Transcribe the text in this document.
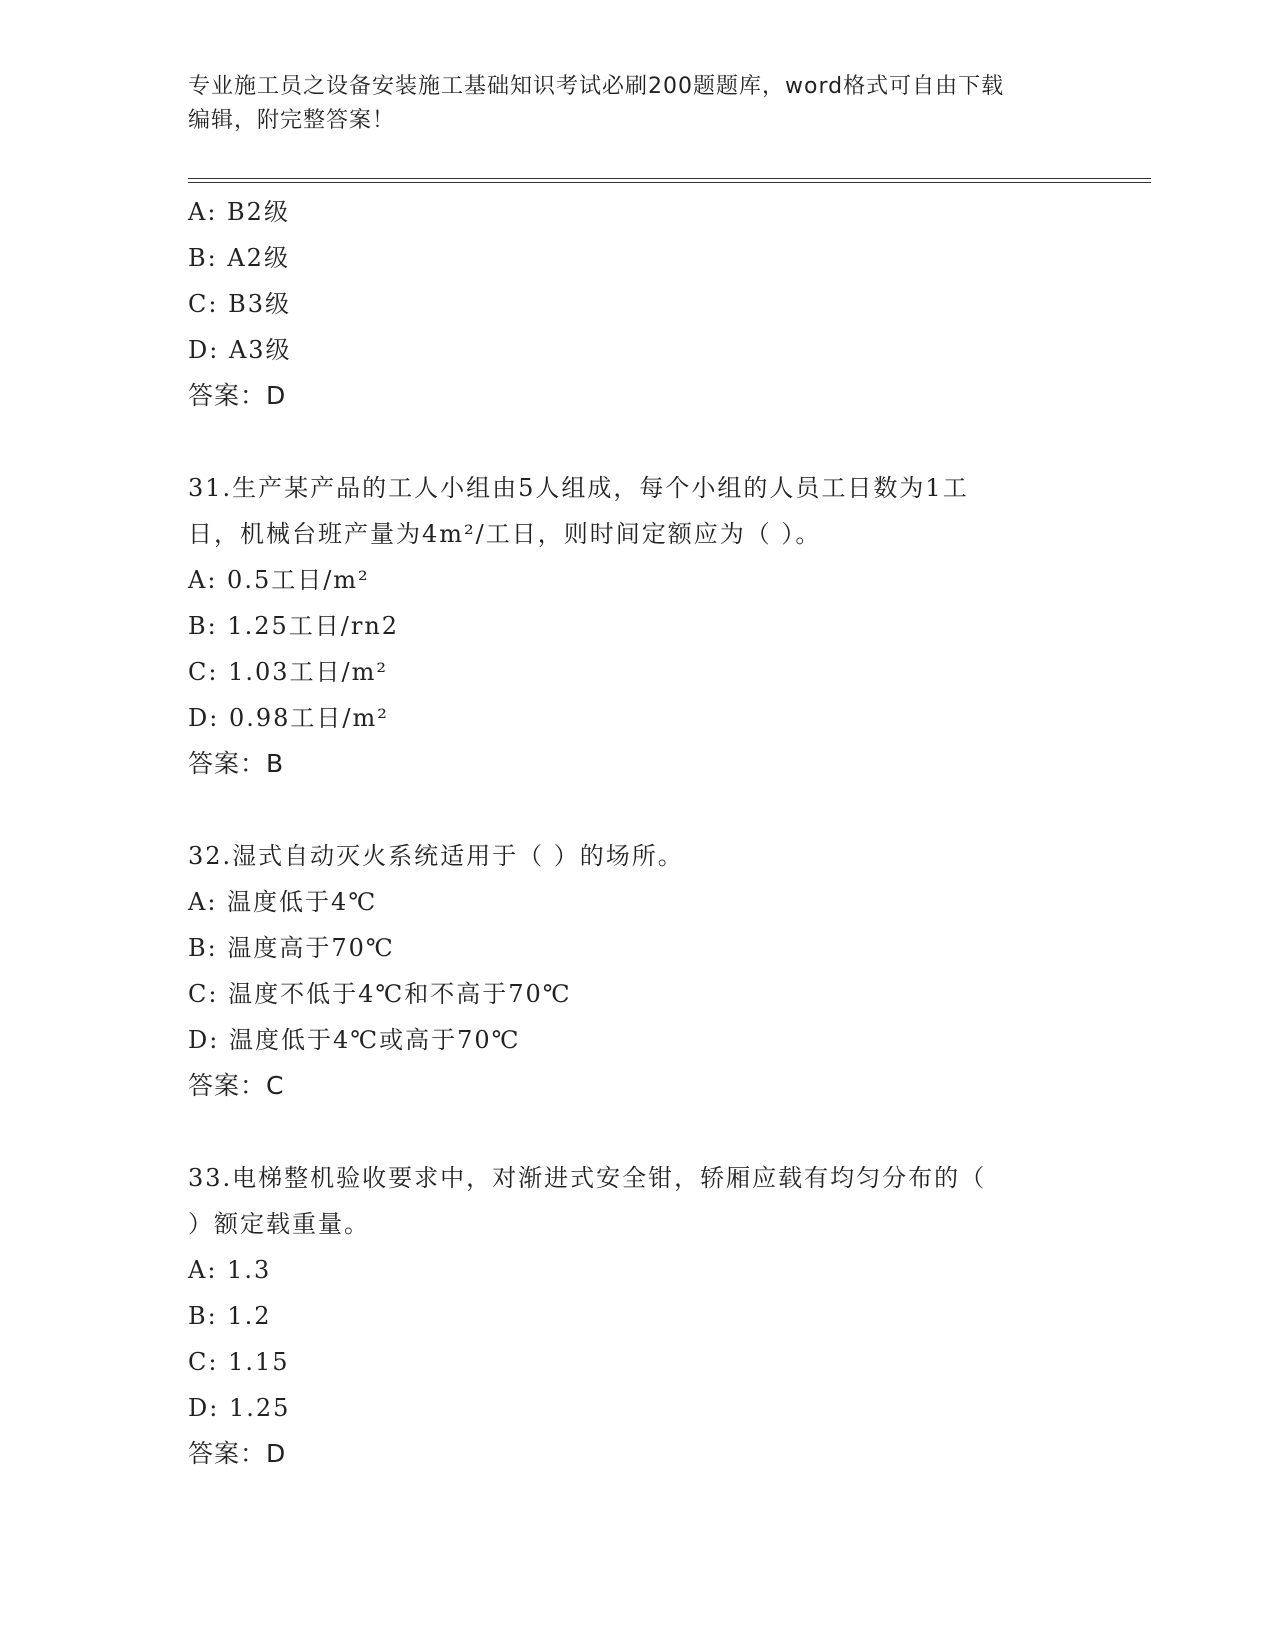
专业施工员之设备安装施工基础知识考试必刷200题题库，word格式可自由下载
编辑，附完整答案！
A: B2级
B: A2级
C: B3级
D: A3级
答案：D
31.生产某产品的工人小组由5人组成，每个小组的人员工日数为1工
日，机械台班产量为4m²/工日，则时间定额应为（ ）。
A: 0.5工日/m²
B: 1.25工日/rn2
C: 1.03工日/m²
D: 0.98工日/m²
答案：B
32.湿式自动灭火系统适用于（ ）的场所。
A: 温度低于4℃
B: 温度高于70℃
C: 温度不低于4℃和不高于70℃
D: 温度低于4℃或高于70℃
答案：C
33.电梯整机验收要求中，对渐进式安全钳，轿厢应载有均匀分布的（
）额定载重量。
A: 1.3
B: 1.2
C: 1.15
D: 1.25
答案：D
